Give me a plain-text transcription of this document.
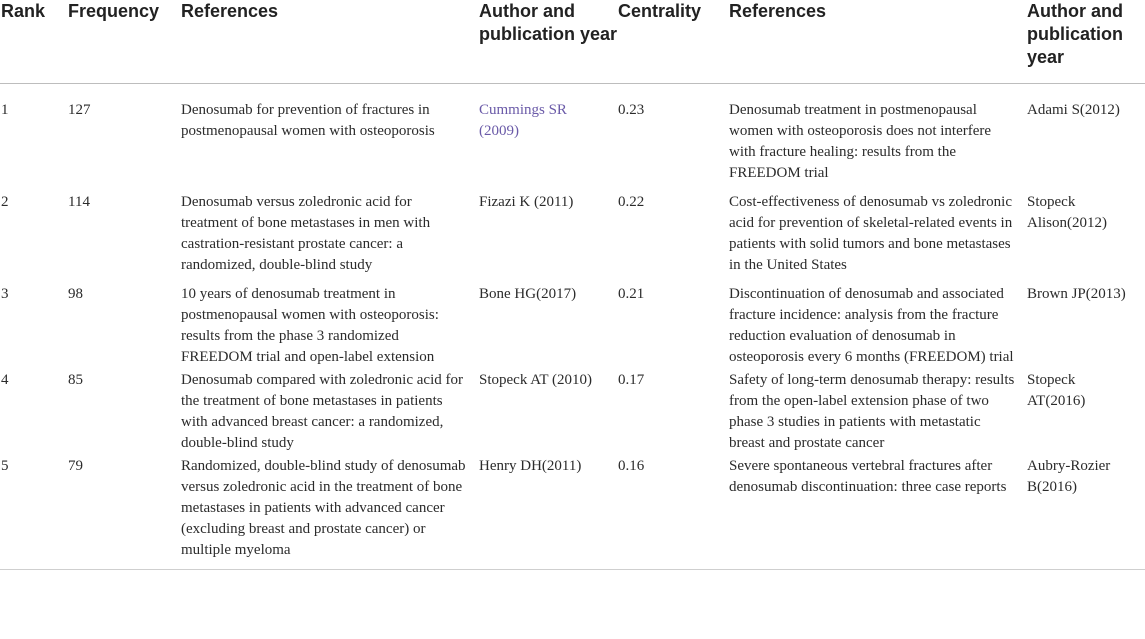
Rank	Frequency	References	Author and publication year	Centrality	References	Author and publication year
1	127	Denosumab for prevention of fractures in postmenopausal women with osteoporosis	Cummings SR (2009)	0.23	Denosumab treatment in postmenopausal women with osteoporosis does not interfere with fracture healing: results from the FREEDOM trial	Adami S(2012)
2	114	Denosumab versus zoledronic acid for treatment of bone metastases in men with castration-resistant prostate cancer: a randomized, double-blind study	Fizazi K (2011)	0.22	Cost-effectiveness of denosumab vs zoledronic acid for prevention of skeletal-related events in patients with solid tumors and bone metastases in the United States	Stopeck Alison(2012)
3	98	10 years of denosumab treatment in postmenopausal women with osteoporosis: results from the phase 3 randomized FREEDOM trial and open-label extension	Bone HG(2017)	0.21	Discontinuation of denosumab and associated fracture incidence: analysis from the fracture reduction evaluation of denosumab in osteoporosis every 6 months (FREEDOM) trial	Brown JP(2013)
4	85	Denosumab compared with zoledronic acid for the treatment of bone metastases in patients with advanced breast cancer: a randomized, double-blind study	Stopeck AT (2010)	0.17	Safety of long-term denosumab therapy: results from the open-label extension phase of two phase 3 studies in patients with metastatic breast and prostate cancer	Stopeck AT(2016)
5	79	Randomized, double-blind study of denosumab versus zoledronic acid in the treatment of bone metastases in patients with advanced cancer (excluding breast and prostate cancer) or multiple myeloma	Henry DH(2011)	0.16	Severe spontaneous vertebral fractures after denosumab discontinuation: three case reports	Aubry-Rozier B(2016)
